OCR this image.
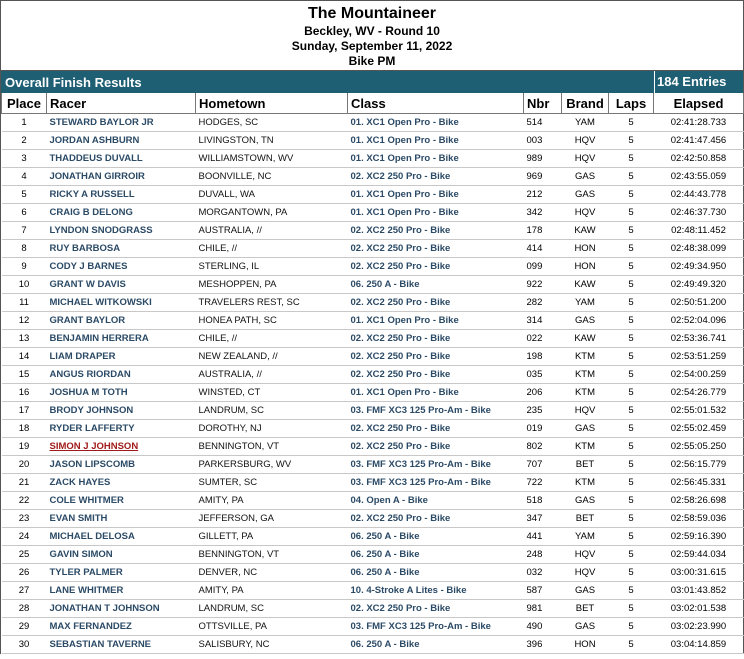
The Mountaineer
Beckley, WV - Round 10
Sunday, September 11, 2022
Bike PM
Overall Finish Results	184 Entries
Place	Racer	Hometown	Class	Nbr	Brand	Laps	Elapsed
1	STEWARD BAYLOR JR	HODGES, SC	01. XC1 Open Pro - Bike	514	YAM	5	02:41:28.733
2	JORDAN ASHBURN	LIVINGSTON, TN	01. XC1 Open Pro - Bike	003	HQV	5	02:41:47.456
3	THADDEUS DUVALL	WILLIAMSTOWN, WV	01. XC1 Open Pro - Bike	989	HQV	5	02:42:50.858
4	JONATHAN GIRROIR	BOONVILLE, NC	02. XC2 250 Pro - Bike	969	GAS	5	02:43:55.059
5	RICKY A RUSSELL	DUVALL, WA	01. XC1 Open Pro - Bike	212	GAS	5	02:44:43.778
6	CRAIG B DELONG	MORGANTOWN, PA	01. XC1 Open Pro - Bike	342	HQV	5	02:46:37.730
7	LYNDON SNODGRASS	AUSTRALIA, //	02. XC2 250 Pro - Bike	178	KAW	5	02:48:11.452
8	RUY BARBOSA	CHILE, //	02. XC2 250 Pro - Bike	414	HON	5	02:48:38.099
9	CODY J BARNES	STERLING, IL	02. XC2 250 Pro - Bike	099	HON	5	02:49:34.950
10	GRANT W DAVIS	MESHOPPEN, PA	06. 250 A - Bike	922	KAW	5	02:49:49.320
11	MICHAEL WITKOWSKI	TRAVELERS REST, SC	02. XC2 250 Pro - Bike	282	YAM	5	02:50:51.200
12	GRANT BAYLOR	HONEA PATH, SC	01. XC1 Open Pro - Bike	314	GAS	5	02:52:04.096
13	BENJAMIN HERRERA	CHILE, //	02. XC2 250 Pro - Bike	022	KAW	5	02:53:36.741
14	LIAM DRAPER	NEW ZEALAND, //	02. XC2 250 Pro - Bike	198	KTM	5	02:53:51.259
15	ANGUS RIORDAN	AUSTRALIA, //	02. XC2 250 Pro - Bike	035	KTM	5	02:54:00.259
16	JOSHUA M TOTH	WINSTED, CT	01. XC1 Open Pro - Bike	206	KTM	5	02:54:26.779
17	BRODY JOHNSON	LANDRUM, SC	03. FMF XC3 125 Pro-Am - Bike	235	HQV	5	02:55:01.532
18	RYDER LAFFERTY	DOROTHY, NJ	02. XC2 250 Pro - Bike	019	GAS	5	02:55:02.459
19	SIMON J JOHNSON	BENNINGTON, VT	02. XC2 250 Pro - Bike	802	KTM	5	02:55:05.250
20	JASON LIPSCOMB	PARKERSBURG, WV	03. FMF XC3 125 Pro-Am - Bike	707	BET	5	02:56:15.779
21	ZACK HAYES	SUMTER, SC	03. FMF XC3 125 Pro-Am - Bike	722	KTM	5	02:56:45.331
22	COLE WHITMER	AMITY, PA	04. Open A - Bike	518	GAS	5	02:58:26.698
23	EVAN SMITH	JEFFERSON, GA	02. XC2 250 Pro - Bike	347	BET	5	02:58:59.036
24	MICHAEL DELOSA	GILLETT, PA	06. 250 A - Bike	441	YAM	5	02:59:16.390
25	GAVIN SIMON	BENNINGTON, VT	06. 250 A - Bike	248	HQV	5	02:59:44.034
26	TYLER PALMER	DENVER, NC	06. 250 A - Bike	032	HQV	5	03:00:31.615
27	LANE WHITMER	AMITY, PA	10. 4-Stroke A Lites - Bike	587	GAS	5	03:01:43.852
28	JONATHAN T JOHNSON	LANDRUM, SC	02. XC2 250 Pro - Bike	981	BET	5	03:02:01.538
29	MAX FERNANDEZ	OTTSVILLE, PA	03. FMF XC3 125 Pro-Am - Bike	490	GAS	5	03:02:23.990
30	SEBASTIAN TAVERNE	SALISBURY, NC	06. 250 A - Bike	396	HON	5	03:04:14.859
